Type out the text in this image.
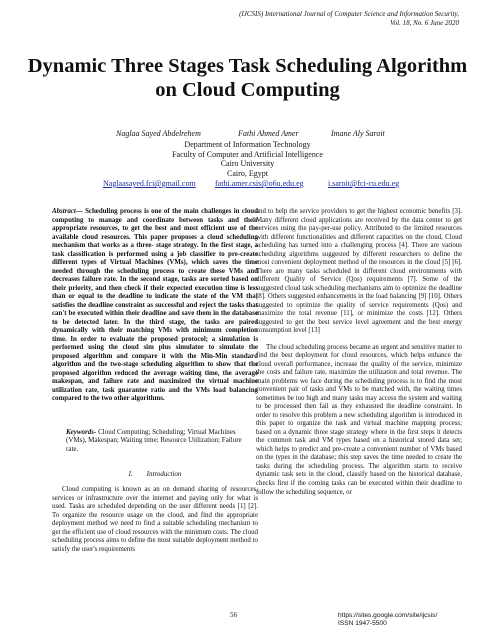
(IJCSIS) International Journal of Computer Science and Information Security,
Vol. 18, No. 6 June 2020
Dynamic Three Stages Task Scheduling Algorithm on Cloud Computing
Naglaa Sayed Abdelrehem	Fathi Ahmed Amer	Imane Aly Saroit
Department of Information Technology
Faculty of Computer and Artificial Intelligence
Cairo University
Cairo, Egypt
Naglaasayed.fci@gmail.com fathi.amer.csis@o6u.edu.eg	i.saroit@fci-cu.edu.eg
Abstract— Scheduling process is one of the main challenges in cloud computing to manage and coordinate between tasks and their appropriate resources, to get the best and most efficient use of the available cloud resources. This paper proposes a cloud scheduling mechanism that works as a three- stage strategy. In the first stage, a task classification is performed using a job classifier to pre-create different types of Virtual Machines (VMs), which saves the time needed through the scheduling process to create these VMs and decreases failure rate. In the second stage, tasks are sorted based on their priority, and then check if their expected execution time is less than or equal to the deadline to indicate the state of the VM that satisfies the deadline constraint as successful and reject the tasks that can't be executed within their deadline and save them in the database to be detected later. In the third stage, the tasks are paired dynamically with their matching VMs with minimum completion time. In order to evaluate the proposed protocol; a simulation is performed using the cloud sim plus simulator to simulate the proposed algorithm and compare it with the Min-Min standard algorithm and the two-stage scheduling algorithm to show that the proposed algorithm reduced the average waiting time, the average makespan, and failure rate and maximized the virtual machine utilization rate, task guarantee ratio and the VMs load balancing compared to the two other algorithms.
Keywords- Cloud Computing; Scheduling; Virtual Machines (VMs), Makespan; Waiting time; Resource Utilization; Failure rate.
I. Introduction
Cloud computing is known as an on demand sharing of resources, services or infrastructure over the internet and paying only for what is used. Tasks are scheduled depending on the user different needs [1] [2]. To organize the resource usage on the cloud, and find the appropriate deployment method we need to find a suitable scheduling mechanism to get the efficient use of cloud resources with the minimum costs. The cloud scheduling process aims to define the most suitable deployment method to satisfy the user's requirements
and to help the service providers to get the highest economic benefits [3]. Many different cloud applications are received by the data center to get services using the pay-per-use policy. Attributed to the limited resources with different functionalities and different capacities on the cloud, Cloud scheduling has turned into a challenging process [4]. There are various scheduling algorithms suggested by different researchers to define the most convenient deployment method of the resources in the cloud [5] [6]. There are many tasks scheduled in different cloud environments with different Quality of Service (Qos) requirements [7]. Some of the suggested cloud task scheduling mechanisms aim to optimize the deadline [8]. Others suggested enhancements in the load balancing [9] [10]. Others suggested to optimize the quality of service requirements (Qos) and maximize the total revenue [11], or minimize the costs [12]. Others suggested to get the best service level agreement and the best energy consumption level [13]
The cloud scheduling process became an urgent and sensitive matter to find the best deployment for cloud resources, which helps enhance the cloud overall performance, increase the quality of the service, minimize the costs and failure rate, maximize the utilization and total revenue. The main problems we face during the scheduling process is to find the most convenient pair of tasks and VMs to be matched with, the waiting times sometimes be too high and many tasks may access the system and waiting to be processed then fail as they exhausted the deadline constraint. In order to resolve this problem a new scheduling algorithm is introduced in this paper to organize the task and virtual machine mapping process; based on a dynamic three stage strategy where in the first steps it detects the common task and VM types based on a historical stored data set; which helps to predict and pre-create a convenient number of VMs based on the types in the database; this step saves the time needed to create the tasks during the scheduling process. The algorithm starts to receive dynamic task sets in the cloud, classify based on the historical database, checks first if the coming tasks can be executed within their deadline to follow the scheduling sequence, or
56	https://sites.google.com/site/ijcsis/
ISSN 1947-5500
